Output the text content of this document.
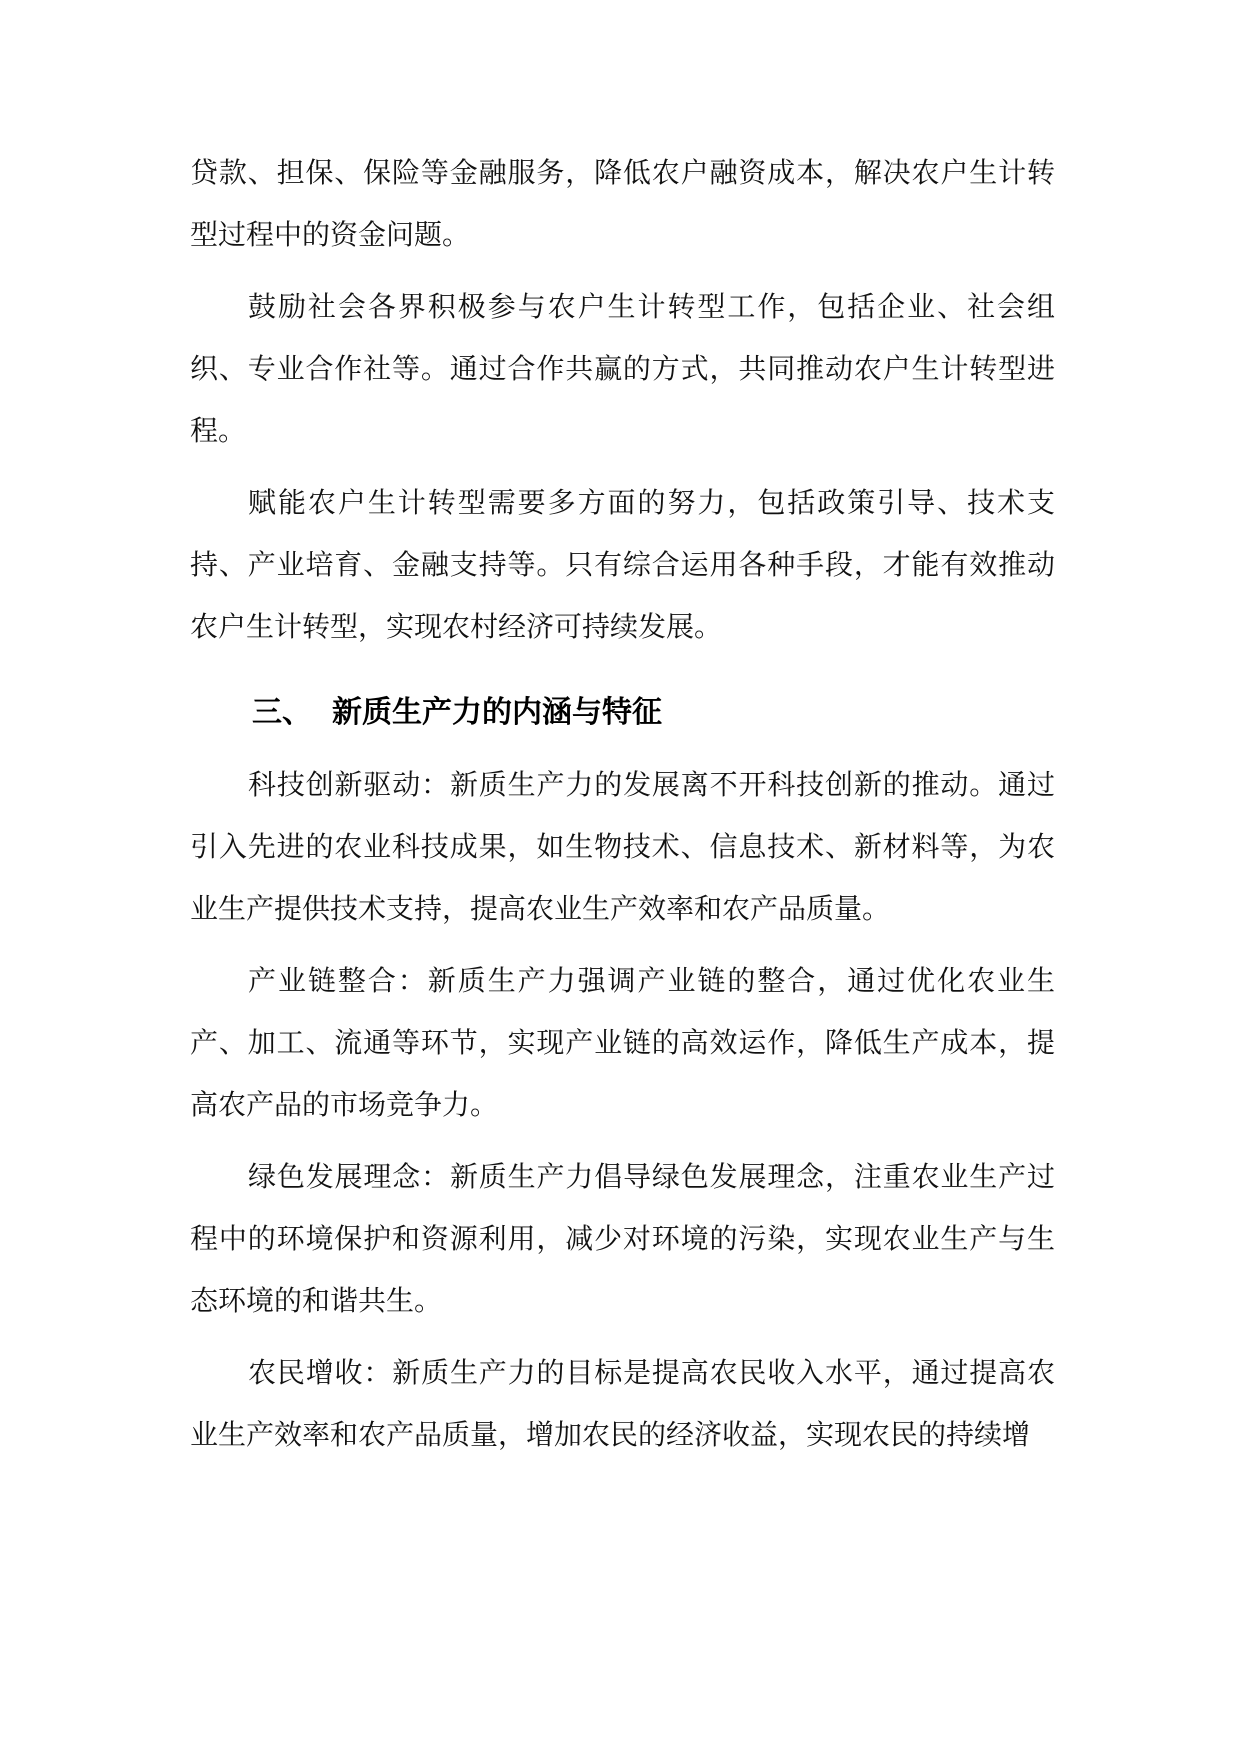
贷款、担保、保险等金融服务，降低农户融资成本，解决农户生计转型过程中的资金问题。

鼓励社会各界积极参与农户生计转型工作，包括企业、社会组织、专业合作社等。通过合作共赢的方式，共同推动农户生计转型进程。

赋能农户生计转型需要多方面的努力，包括政策引导、技术支持、产业培育、金融支持等。只有综合运用各种手段，才能有效推动农户生计转型，实现农村经济可持续发展。

三、 新质生产力的内涵与特征

科技创新驱动：新质生产力的发展离不开科技创新的推动。通过引入先进的农业科技成果，如生物技术、信息技术、新材料等，为农业生产提供技术支持，提高农业生产效率和农产品质量。

产业链整合：新质生产力强调产业链的整合，通过优化农业生产、加工、流通等环节，实现产业链的高效运作，降低生产成本，提高农产品的市场竞争力。

绿色发展理念：新质生产力倡导绿色发展理念，注重农业生产过程中的环境保护和资源利用，减少对环境的污染，实现农业生产与生态环境的和谐共生。

农民增收：新质生产力的目标是提高农民收入水平，通过提高农业生产效率和农产品质量，增加农民的经济收益，实现农民的持续增
